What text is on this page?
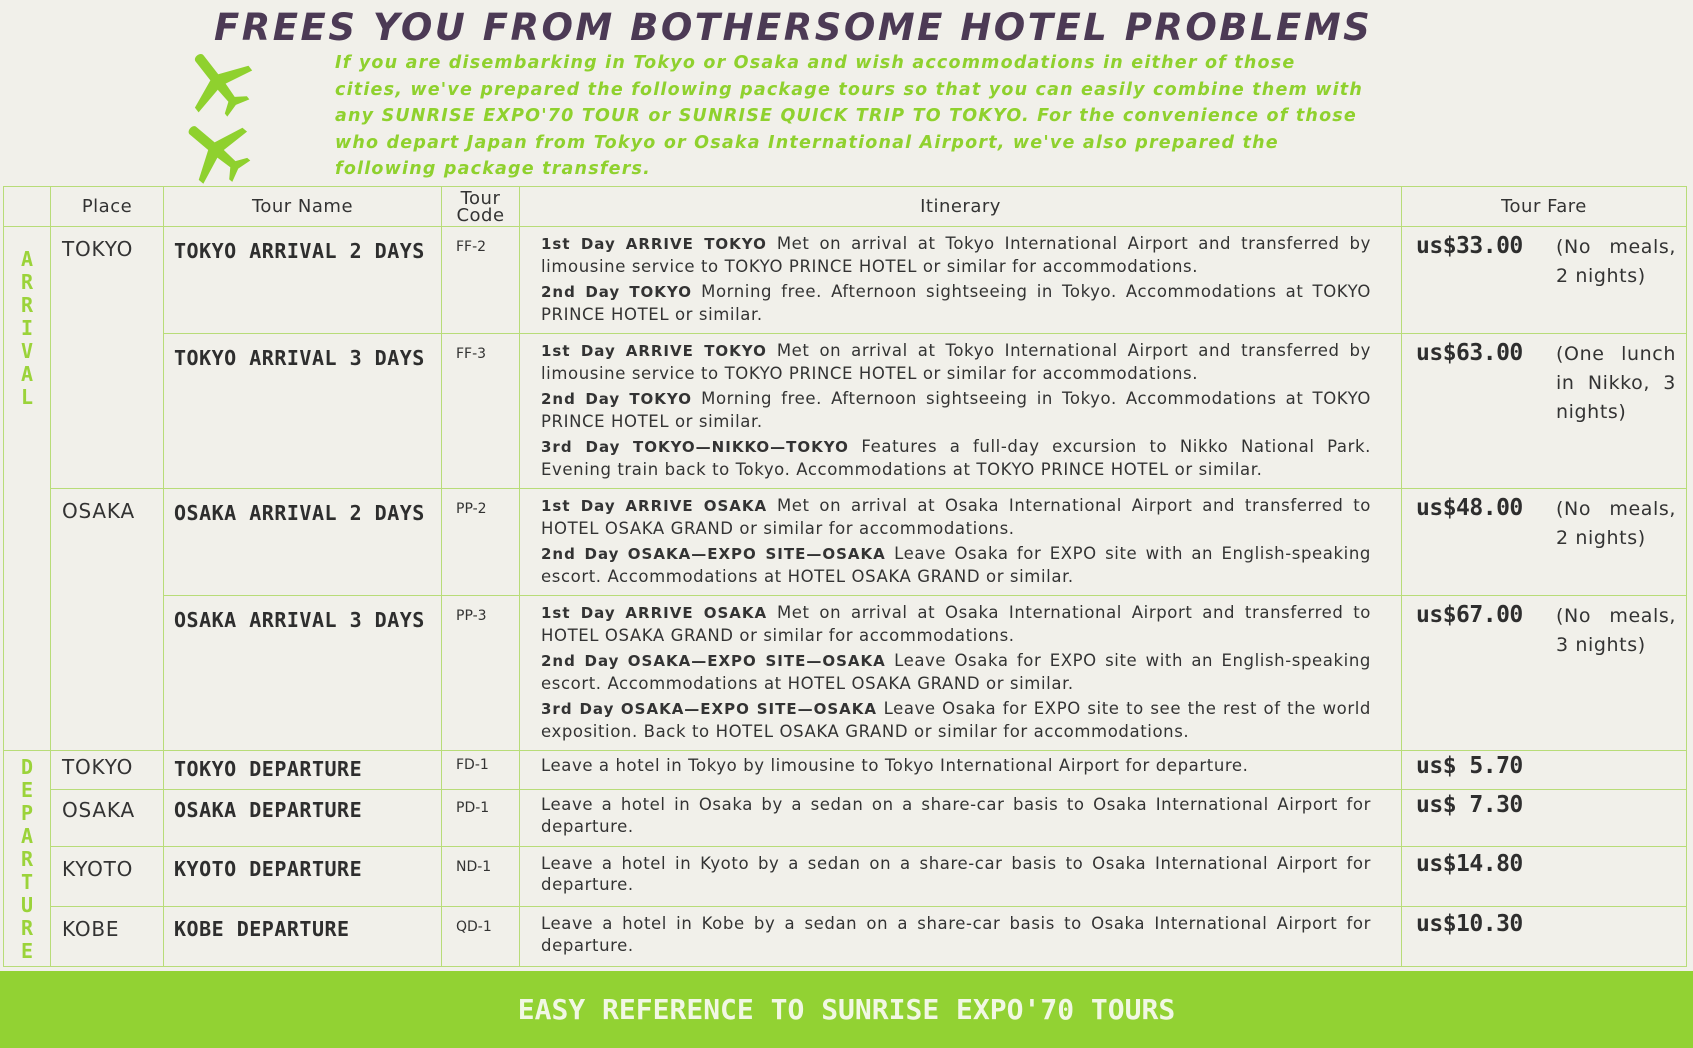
FREES YOU FROM BOTHERSOME HOTEL PROBLEMS

If you are disembarking in Tokyo or Osaka and wish accommodations in either of those cities, we've prepared the following package tours so that you can easily combine them with any SUNRISE EXPO'70 TOUR or SUNRISE QUICK TRIP TO TOKYO. For the convenience of those who depart Japan from Tokyo or Osaka International Airport, we've also prepared the following package transfers.

	Place	Tour Name	Tour Code	Itinerary	Tour Fare
ARRIVAL	TOKYO	TOKYO ARRIVAL 2 DAYS	FF-2	1st Day ARRIVE TOKYO Met on arrival at Tokyo International Airport and transferred by limousine service to TOKYO PRINCE HOTEL or similar for accommodations.

2nd Day TOKYO Morning free. Afternoon sightseeing in Tokyo. Accommodations at TOKYO PRINCE HOTEL or similar.	us$33.00 (No meals, 2 nights)
		TOKYO ARRIVAL 3 DAYS	FF-3	1st Day ARRIVE TOKYO Met on arrival at Tokyo International Airport and transferred by limousine service to TOKYO PRINCE HOTEL or similar for accommodations.

2nd Day TOKYO Morning free. Afternoon sightseeing in Tokyo. Accommodations at TOKYO PRINCE HOTEL or similar.

3rd Day TOKYO—NIKKO—TOKYO Features a full-day excursion to Nikko National Park. Evening train back to Tokyo. Accommodations at TOKYO PRINCE HOTEL or similar.	us$63.00 (One lunch in Nikko, 3 nights)
	OSAKA	OSAKA ARRIVAL 2 DAYS	PP-2	1st Day ARRIVE OSAKA Met on arrival at Osaka International Airport and transferred to HOTEL OSAKA GRAND or similar for accommodations.

2nd Day OSAKA—EXPO SITE—OSAKA Leave Osaka for EXPO site with an English-speaking escort. Accommodations at HOTEL OSAKA GRAND or similar.	us$48.00 (No meals, 2 nights)
		OSAKA ARRIVAL 3 DAYS	PP-3	1st Day ARRIVE OSAKA Met on arrival at Osaka International Airport and transferred to HOTEL OSAKA GRAND or similar for accommodations.

2nd Day OSAKA—EXPO SITE—OSAKA Leave Osaka for EXPO site with an English-speaking escort. Accommodations at HOTEL OSAKA GRAND or similar.

3rd Day OSAKA—EXPO SITE—OSAKA Leave Osaka for EXPO site to see the rest of the world exposition. Back to HOTEL OSAKA GRAND or similar for accommodations.	us$67.00 (No meals, 3 nights)
DEPARTURE	TOKYO	TOKYO DEPARTURE	FD-1	Leave a hotel in Tokyo by limousine to Tokyo International Airport for departure.	us$ 5.70
	OSAKA	OSAKA DEPARTURE	PD-1	Leave a hotel in Osaka by a sedan on a share-car basis to Osaka International Airport for departure.	us$ 7.30
	KYOTO	KYOTO DEPARTURE	ND-1	Leave a hotel in Kyoto by a sedan on a share-car basis to Osaka International Airport for departure.	us$14.80
	KOBE	KOBE DEPARTURE	QD-1	Leave a hotel in Kobe by a sedan on a share-car basis to Osaka International Airport for departure.	us$10.30
EASY REFERENCE TO SUNRISE EXPO'70 TOURS
